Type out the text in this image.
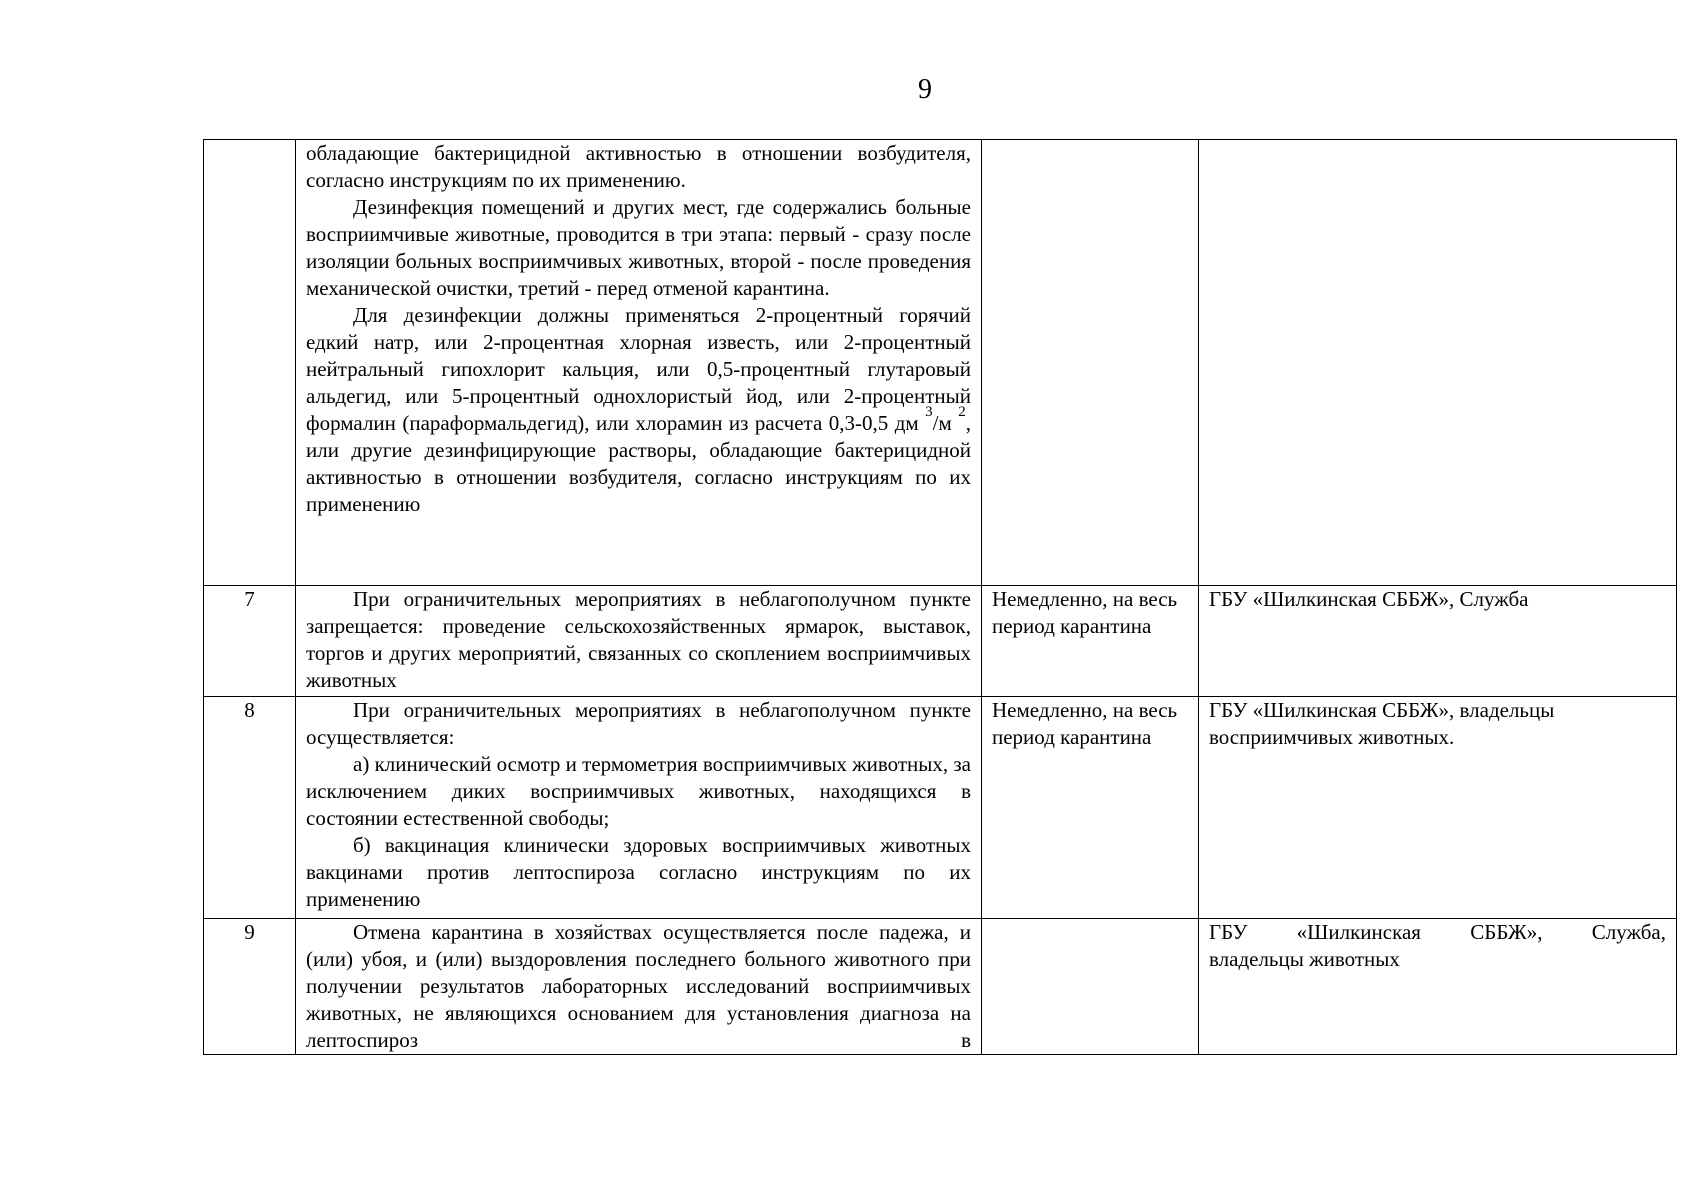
9

	обладающие бактерицидной активностью в отношении возбудителя, согласно инструкциям по их применению.

Дезинфекция помещений и других мест, где содержались больные восприимчивые животные, проводится в три этапа: первый - сразу после изоляции больных восприимчивых животных, второй - после проведения механической очистки, третий - перед отменой карантина.

Для дезинфекции должны применяться 2-процентный горячий едкий натр, или 2-процентная хлорная известь, или 2-процентный нейтральный гипохлорит кальция, или 0,5-процентный глутаровый альдегид, или 5-процентный однохлористый йод, или 2-процентный формалин (параформальдегид), или хлорамин из расчета 0,3-0,5 дм $^3$/м $^2$, или другие дезинфицирующие растворы, обладающие бактерицидной активностью в отношении возбудителя, согласно инструкциям по их применению		

7	При ограничительных мероприятиях в неблагополучном пункте запрещается: проведение сельскохозяйственных ярмарок, выставок, торгов и других мероприятий, связанных со скоплением восприимчивых животных	Немедленно, на весь период карантина	ГБУ «Шилкинская СББЖ», Служба
8	При ограничительных мероприятиях в неблагополучном пункте осуществляется:

а) клинический осмотр и термометрия восприимчивых животных, за исключением диких восприимчивых животных, находящихся в состоянии естественной свободы;

б) вакцинация клинически здоровых восприимчивых животных вакцинами против лептоспироза согласно инструкциям по их применению	Немедленно, на весь период карантина	ГБУ «Шилкинская СББЖ», владельцы восприимчивых животных.
9	Отмена карантина в хозяйствах осуществляется после падежа, и (или) убоя, и (или) выздоровления последнего больного животного при получении результатов лабораторных исследований восприимчивых животных, не являющихся основанием для установления диагноза на лептоспироз в		ГБУ «Шилкинская СББЖ», Служба,
владельцы животных
